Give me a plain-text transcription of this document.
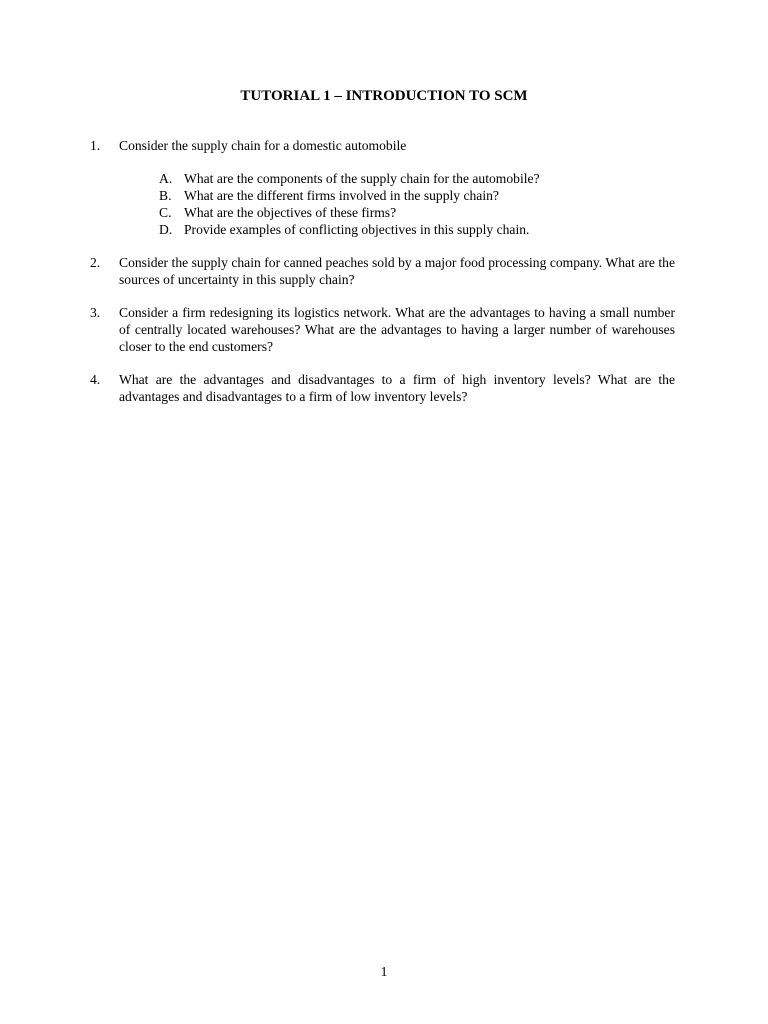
TUTORIAL 1 – INTRODUCTION TO SCM
1. Consider the supply chain for a domestic automobile
A. What are the components of the supply chain for the automobile?
B. What are the different firms involved in the supply chain?
C. What are the objectives of these firms?
D. Provide examples of conflicting objectives in this supply chain.
2. Consider the supply chain for canned peaches sold by a major food processing company. What are the sources of uncertainty in this supply chain?
3. Consider a firm redesigning its logistics network. What are the advantages to having a small number of centrally located warehouses? What are the advantages to having a larger number of warehouses closer to the end customers?
4. What are the advantages and disadvantages to a firm of high inventory levels? What are the advantages and disadvantages to a firm of low inventory levels?
1
